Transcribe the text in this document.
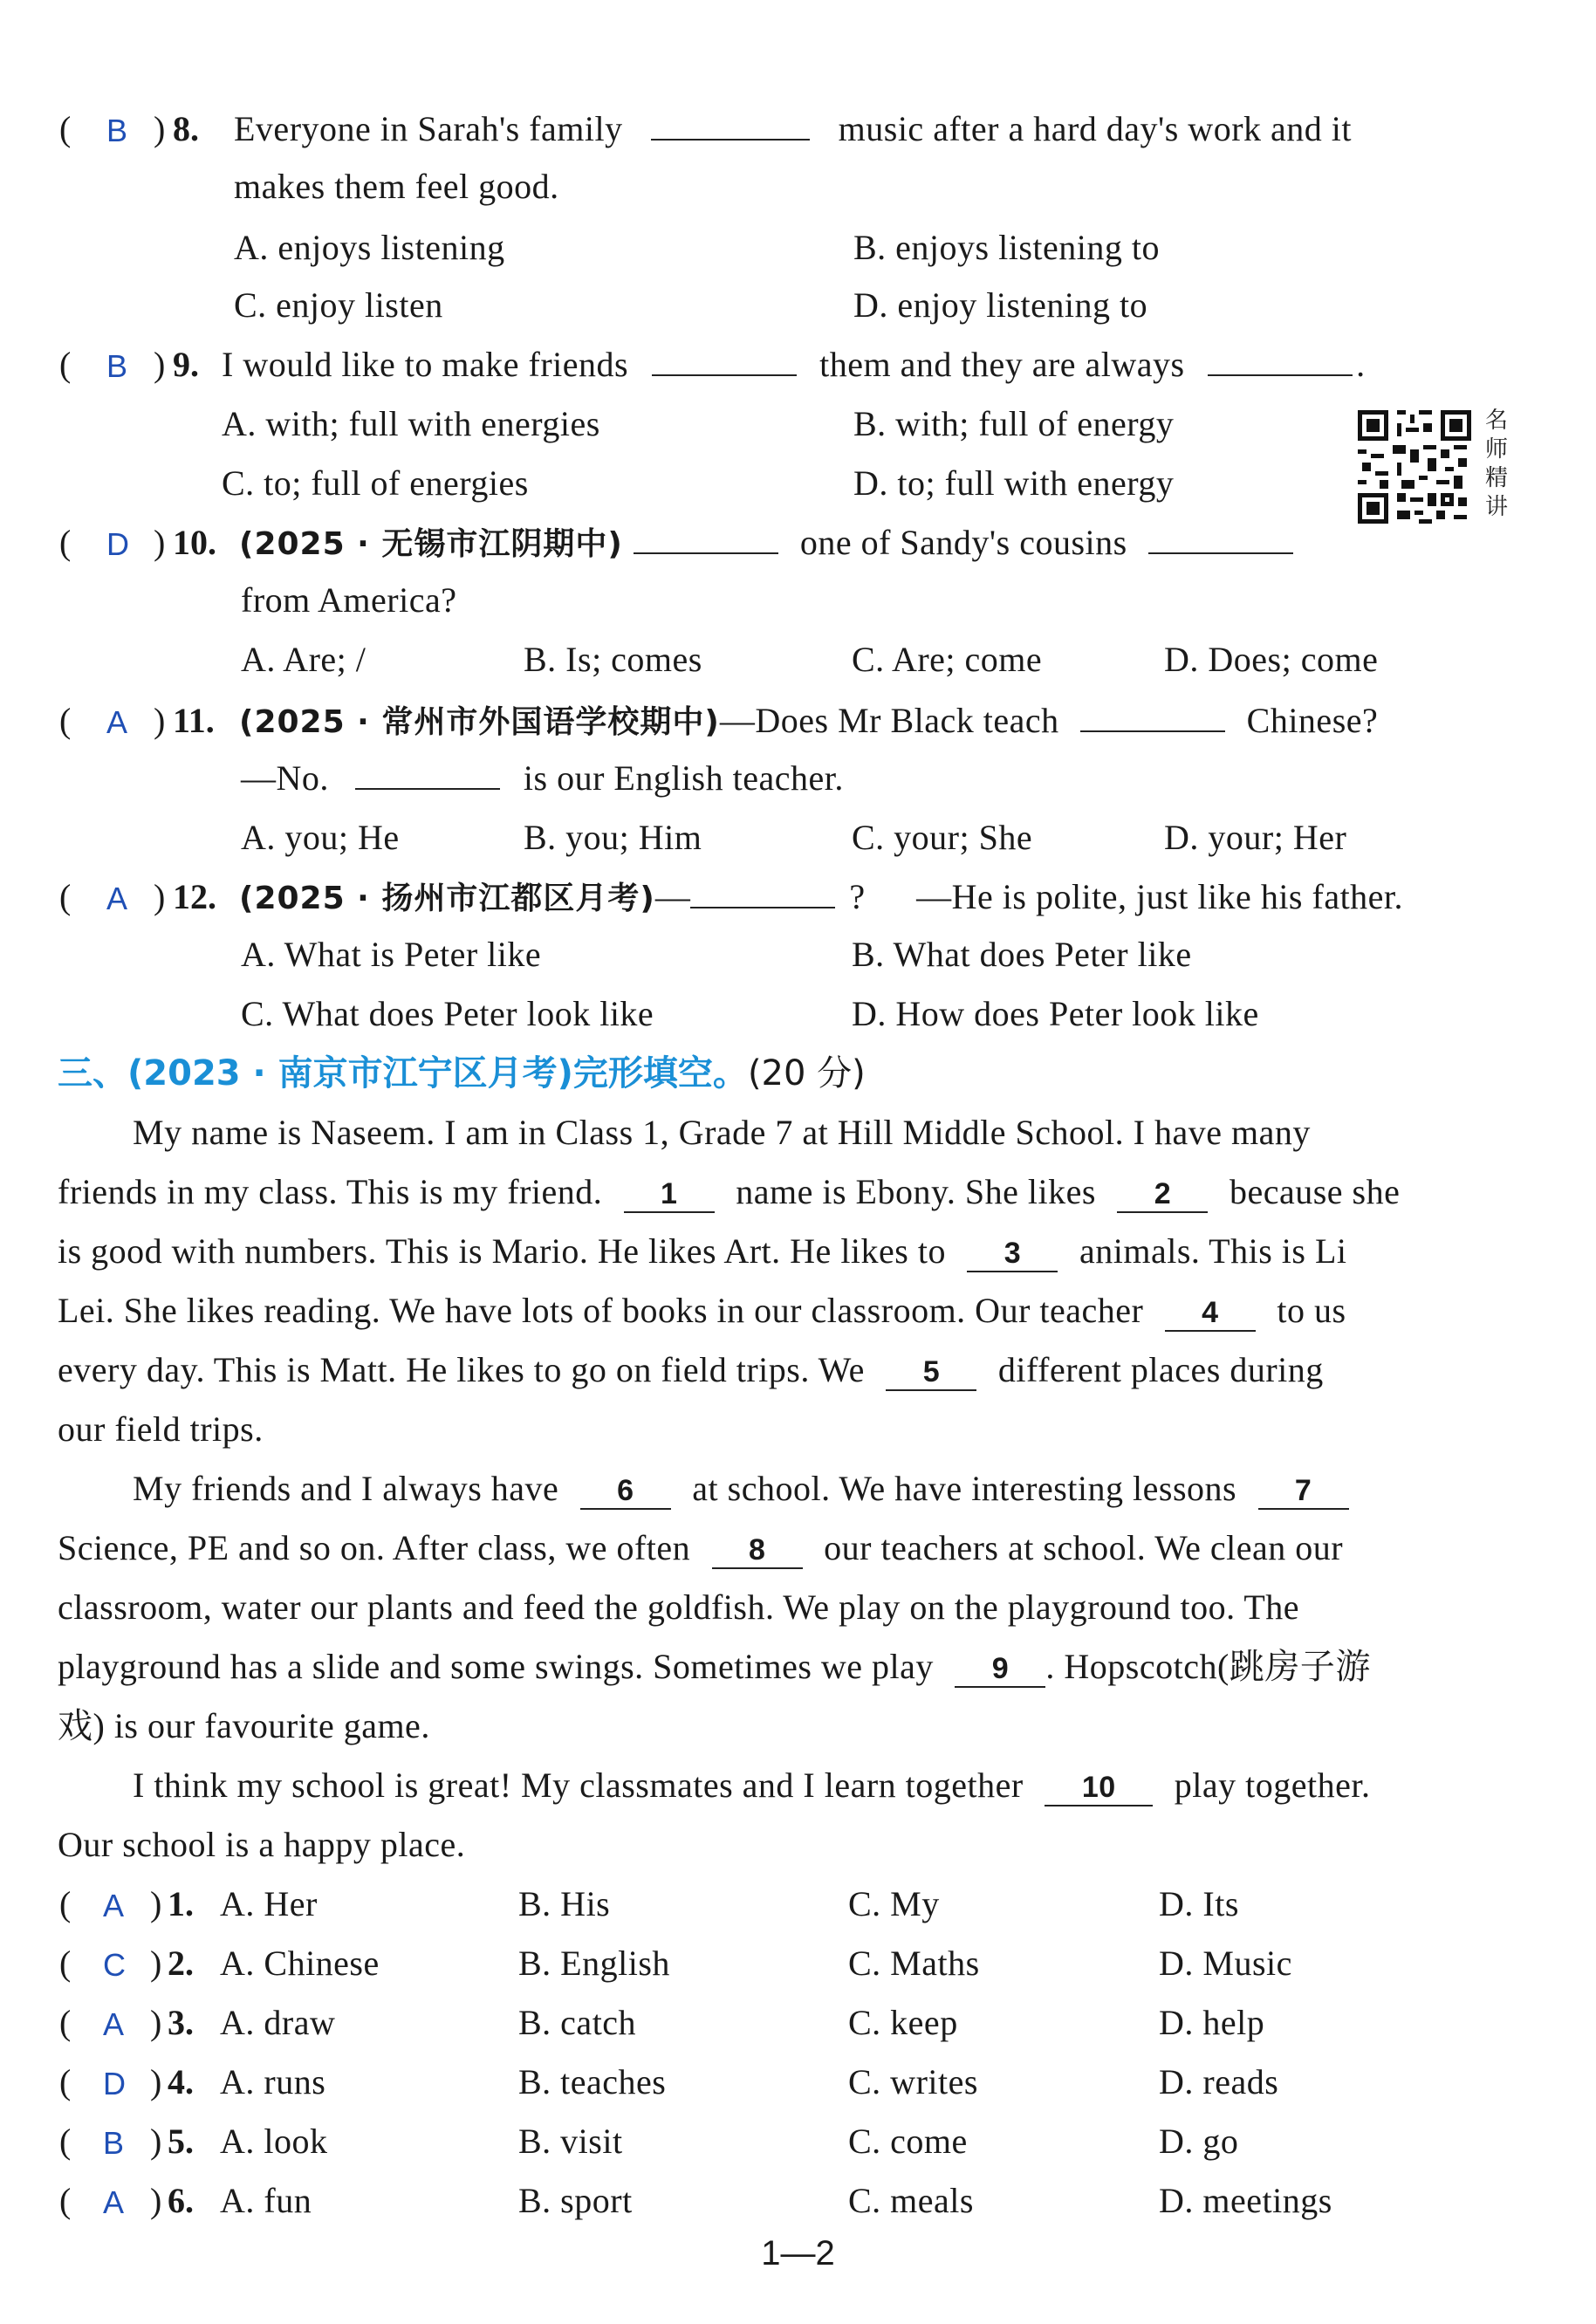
( B ) 8. Everyone in Sarah's family	music after a hard day's work and it
makes them feel good.
A. enjoys listening	B. enjoys listening to
C. enjoy listen	D. enjoy listening to
( B ) 9. I would like to make friends	them and they are always	.
A. with; full with energies	B. with; full of energy
C. to; full of energies	D. to; full with energy
名
师
精
讲
( D ) 10. (2025 · 无锡市江阴期中)	one of Sandy's cousins
from America?
A. Are; /	B. Is; comes	C. Are; come	D. Does; come
( A ) 11. (2025 · 常州市外国语学校期中)—Does Mr Black teach	Chinese?
—No.	is our English teacher.
A. you; He	B. you; Him	C. your; She	D. your; Her
( A ) 12. (2025 · 扬州市江都区月考)—	? —He is polite, just like his father.
A. What is Peter like	B. What does Peter like
C. What does Peter look like	D. How does Peter look like
三、(2023 · 南京市江宁区月考)完形填空。(20 分)
My name is Naseem. I am in Class 1, Grade 7 at Hill Middle School. I have many
friends in my class. This is my friend. 1 name is Ebony. She likes 2 because she
is good with numbers. This is Mario. He likes Art. He likes to 3 animals. This is Li
Lei. She likes reading. We have lots of books in our classroom. Our teacher 4 to us
every day. This is Matt. He likes to go on field trips. We 5 different places during
our field trips.
My friends and I always have 6 at school. We have interesting lessons 7
Science, PE and so on. After class, we often 8 our teachers at school. We clean our
classroom, water our plants and feed the goldfish. We play on the playground too. The
playground has a slide and some swings. Sometimes we play 9 . Hopscotch(跳房子游
戏) is our favourite game.
I think my school is great! My classmates and I learn together 10 play together.
Our school is a happy place.
( A ) 1. A. Her	B. His	C. My	D. Its
( C ) 2. A. Chinese	B. English	C. Maths	D. Music
( A ) 3. A. draw	B. catch	C. keep	D. help
( D ) 4. A. runs	B. teaches	C. writes	D. reads
( B ) 5. A. look	B. visit	C. come	D. go
( A ) 6. A. fun	B. sport	C. meals	D. meetings
1—2
